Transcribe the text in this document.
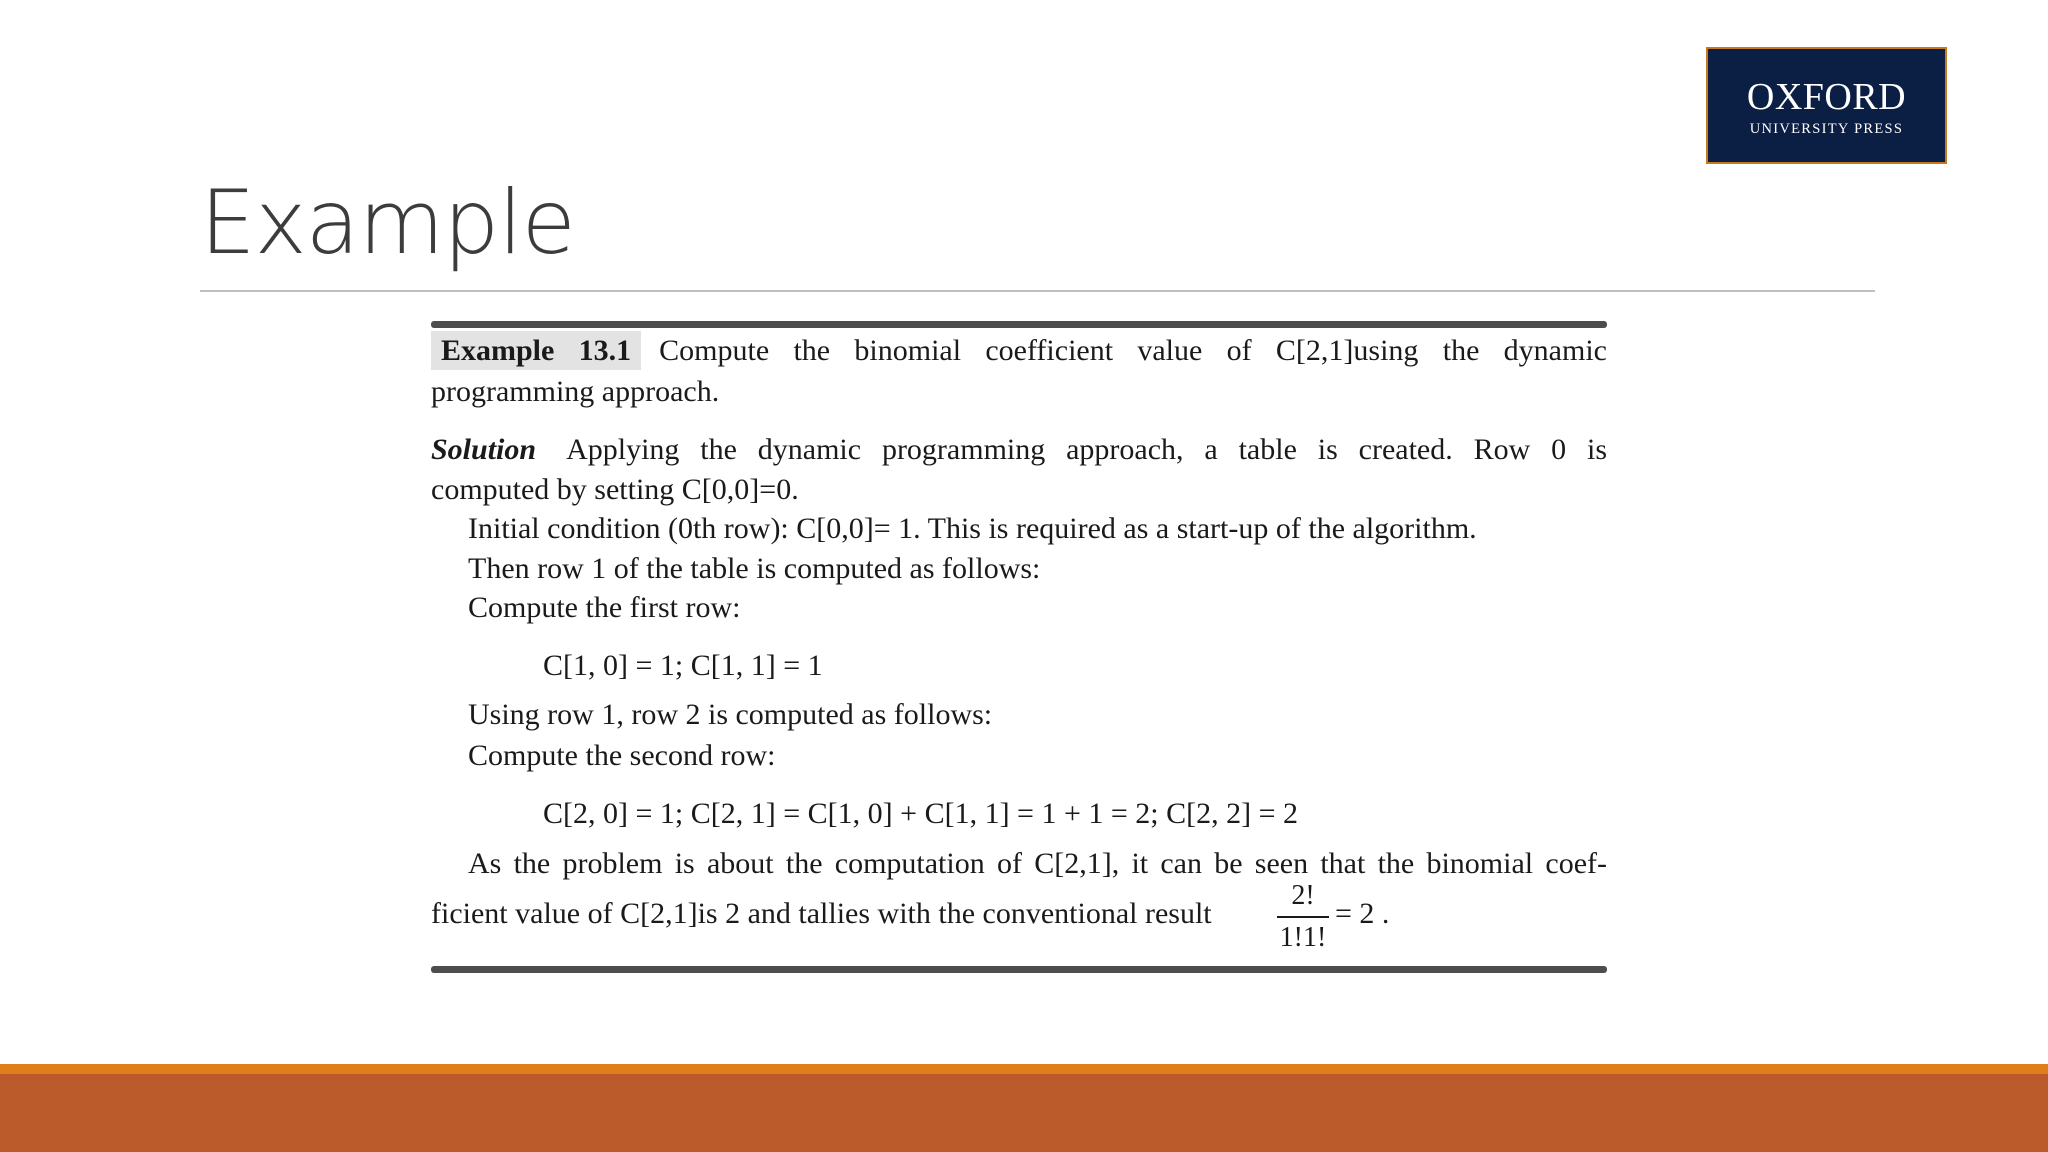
OXFORD
UNIVERSITY PRESS
Example
Example 13.1 Compute the binomial coefficient value of C[2,1]using the dynamic
programming approach.
Solution Applying the dynamic programming approach, a table is created. Row 0 is
computed by setting C[0,0]=0.
Initial condition (0th row): C[0,0]= 1. This is required as a start-up of the algorithm.
Then row 1 of the table is computed as follows:
Compute the first row:
C[1, 0] = 1; C[1, 1] = 1
Using row 1, row 2 is computed as follows:
Compute the second row:
C[2, 0] = 1; C[2, 1] = C[1, 0] + C[1, 1] = 1 + 1 = 2; C[2, 2] = 2
As the problem is about the computation of C[2,1], it can be seen that the binomial coef-
ficient value of C[2,1]is 2 and tallies with the conventional result
2!
1!1!
= 2 .
